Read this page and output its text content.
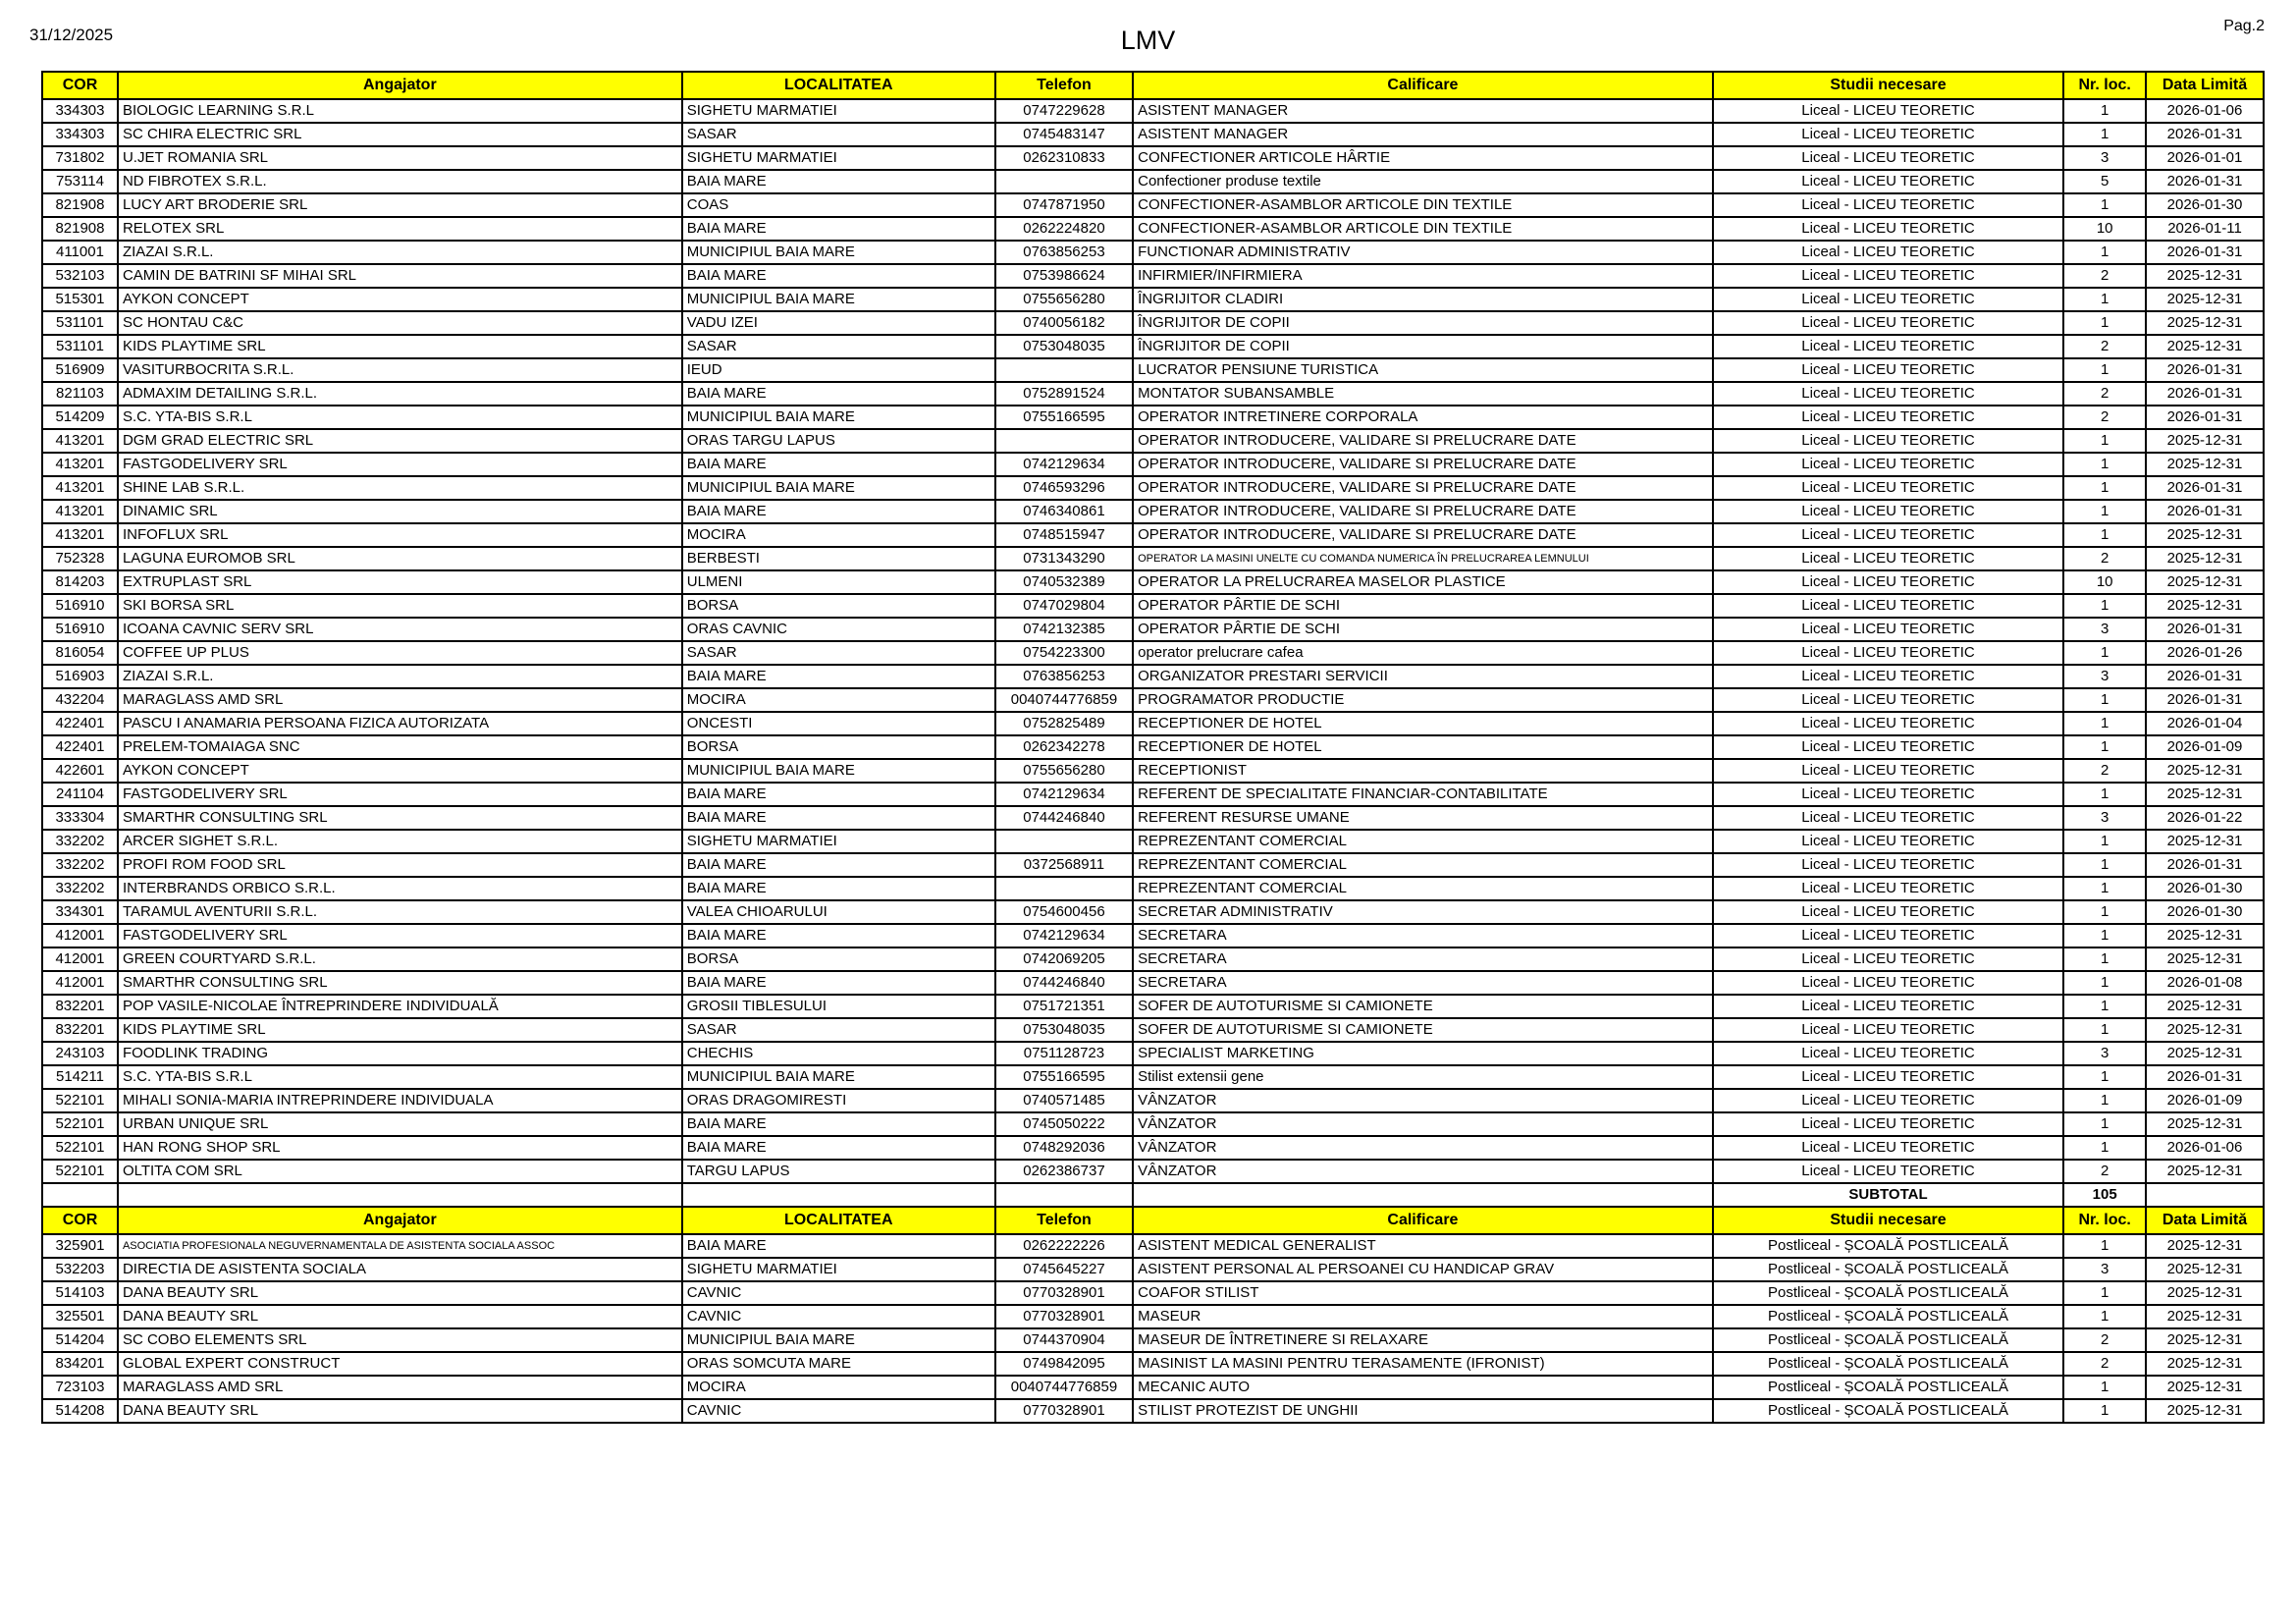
31/12/2025	LMV	Pag.2
COR	Angajator	LOCALITATEA	Telefon	Calificare	Studii necesare	Nr. loc.	Data Limită
334303	BIOLOGIC LEARNING S.R.L	SIGHETU MARMATIEI	0747229628	ASISTENT MANAGER	Liceal - LICEU TEORETIC	1	2026-01-06
334303	SC CHIRA ELECTRIC SRL	SASAR	0745483147	ASISTENT MANAGER	Liceal - LICEU TEORETIC	1	2026-01-31
731802	U.JET ROMANIA SRL	SIGHETU MARMATIEI	0262310833	CONFECTIONER ARTICOLE HÂRTIE	Liceal - LICEU TEORETIC	3	2026-01-01
753114	ND FIBROTEX S.R.L.	BAIA MARE		Confectioner produse textile	Liceal - LICEU TEORETIC	5	2026-01-31
821908	LUCY ART BRODERIE SRL	COAS	0747871950	CONFECTIONER-ASAMBLOR ARTICOLE DIN TEXTILE	Liceal - LICEU TEORETIC	1	2026-01-30
821908	RELOTEX SRL	BAIA MARE	0262224820	CONFECTIONER-ASAMBLOR ARTICOLE DIN TEXTILE	Liceal - LICEU TEORETIC	10	2026-01-11
411001	ZIAZAI S.R.L.	MUNICIPIUL BAIA MARE	0763856253	FUNCTIONAR ADMINISTRATIV	Liceal - LICEU TEORETIC	1	2026-01-31
532103	CAMIN DE BATRINI SF MIHAI SRL	BAIA MARE	0753986624	INFIRMIER/INFIRMIERA	Liceal - LICEU TEORETIC	2	2025-12-31
515301	AYKON CONCEPT	MUNICIPIUL BAIA MARE	0755656280	ÎNGRIJITOR CLADIRI	Liceal - LICEU TEORETIC	1	2025-12-31
531101	SC HONTAU C&C	VADU IZEI	0740056182	ÎNGRIJITOR DE COPII	Liceal - LICEU TEORETIC	1	2025-12-31
531101	KIDS PLAYTIME SRL	SASAR	0753048035	ÎNGRIJITOR DE COPII	Liceal - LICEU TEORETIC	2	2025-12-31
516909	VASITURBOCRITA S.R.L.	IEUD		LUCRATOR PENSIUNE TURISTICA	Liceal - LICEU TEORETIC	1	2026-01-31
821103	ADMAXIM DETAILING S.R.L.	BAIA MARE	0752891524	MONTATOR SUBANSAMBLE	Liceal - LICEU TEORETIC	2	2026-01-31
514209	S.C. YTA-BIS S.R.L	MUNICIPIUL BAIA MARE	0755166595	OPERATOR INTRETINERE CORPORALA	Liceal - LICEU TEORETIC	2	2026-01-31
413201	DGM GRAD ELECTRIC SRL	ORAS TARGU LAPUS		OPERATOR INTRODUCERE, VALIDARE SI PRELUCRARE DATE	Liceal - LICEU TEORETIC	1	2025-12-31
413201	FASTGODELIVERY SRL	BAIA MARE	0742129634	OPERATOR INTRODUCERE, VALIDARE SI PRELUCRARE DATE	Liceal - LICEU TEORETIC	1	2025-12-31
413201	SHINE LAB S.R.L.	MUNICIPIUL BAIA MARE	0746593296	OPERATOR INTRODUCERE, VALIDARE SI PRELUCRARE DATE	Liceal - LICEU TEORETIC	1	2026-01-31
413201	DINAMIC SRL	BAIA MARE	0746340861	OPERATOR INTRODUCERE, VALIDARE SI PRELUCRARE DATE	Liceal - LICEU TEORETIC	1	2026-01-31
413201	INFOFLUX SRL	MOCIRA	0748515947	OPERATOR INTRODUCERE, VALIDARE SI PRELUCRARE DATE	Liceal - LICEU TEORETIC	1	2025-12-31
752328	LAGUNA EUROMOB SRL	BERBESTI	0731343290	OPERATOR LA MASINI UNELTE CU COMANDA NUMERICA ÎN PRELUCRAREA LEMNULUI	Liceal - LICEU TEORETIC	2	2025-12-31
814203	EXTRUPLAST SRL	ULMENI	0740532389	OPERATOR LA PRELUCRAREA MASELOR PLASTICE	Liceal - LICEU TEORETIC	10	2025-12-31
516910	SKI BORSA SRL	BORSA	0747029804	OPERATOR PÂRTIE DE SCHI	Liceal - LICEU TEORETIC	1	2025-12-31
516910	ICOANA CAVNIC SERV SRL	ORAS CAVNIC	0742132385	OPERATOR PÂRTIE DE SCHI	Liceal - LICEU TEORETIC	3	2026-01-31
816054	COFFEE UP PLUS	SASAR	0754223300	operator prelucrare cafea	Liceal - LICEU TEORETIC	1	2026-01-26
516903	ZIAZAI S.R.L.	BAIA MARE	0763856253	ORGANIZATOR PRESTARI SERVICII	Liceal - LICEU TEORETIC	3	2026-01-31
432204	MARAGLASS AMD SRL	MOCIRA	0040744776859	PROGRAMATOR PRODUCTIE	Liceal - LICEU TEORETIC	1	2026-01-31
422401	PASCU I ANAMARIA PERSOANA FIZICA AUTORIZATA	ONCESTI	0752825489	RECEPTIONER DE HOTEL	Liceal - LICEU TEORETIC	1	2026-01-04
422401	PRELEM-TOMAIAGA SNC	BORSA	0262342278	RECEPTIONER DE HOTEL	Liceal - LICEU TEORETIC	1	2026-01-09
422601	AYKON CONCEPT	MUNICIPIUL BAIA MARE	0755656280	RECEPTIONIST	Liceal - LICEU TEORETIC	2	2025-12-31
241104	FASTGODELIVERY SRL	BAIA MARE	0742129634	REFERENT DE SPECIALITATE FINANCIAR-CONTABILITATE	Liceal - LICEU TEORETIC	1	2025-12-31
333304	SMARTHR CONSULTING SRL	BAIA MARE	0744246840	REFERENT RESURSE UMANE	Liceal - LICEU TEORETIC	3	2026-01-22
332202	ARCER SIGHET S.R.L.	SIGHETU MARMATIEI		REPREZENTANT COMERCIAL	Liceal - LICEU TEORETIC	1	2025-12-31
332202	PROFI ROM FOOD SRL	BAIA MARE	0372568911	REPREZENTANT COMERCIAL	Liceal - LICEU TEORETIC	1	2026-01-31
332202	INTERBRANDS ORBICO S.R.L.	BAIA MARE		REPREZENTANT COMERCIAL	Liceal - LICEU TEORETIC	1	2026-01-30
334301	TARAMUL AVENTURII S.R.L.	VALEA CHIOARULUI	0754600456	SECRETAR ADMINISTRATIV	Liceal - LICEU TEORETIC	1	2026-01-30
412001	FASTGODELIVERY SRL	BAIA MARE	0742129634	SECRETARA	Liceal - LICEU TEORETIC	1	2025-12-31
412001	GREEN COURTYARD S.R.L.	BORSA	0742069205	SECRETARA	Liceal - LICEU TEORETIC	1	2025-12-31
412001	SMARTHR CONSULTING SRL	BAIA MARE	0744246840	SECRETARA	Liceal - LICEU TEORETIC	1	2026-01-08
832201	POP VASILE-NICOLAE ÎNTREPRINDERE INDIVIDUALĂ	GROSII TIBLESULUI	0751721351	SOFER DE AUTOTURISME SI CAMIONETE	Liceal - LICEU TEORETIC	1	2025-12-31
832201	KIDS PLAYTIME SRL	SASAR	0753048035	SOFER DE AUTOTURISME SI CAMIONETE	Liceal - LICEU TEORETIC	1	2025-12-31
243103	FOODLINK TRADING	CHECHIS	0751128723	SPECIALIST MARKETING	Liceal - LICEU TEORETIC	3	2025-12-31
514211	S.C. YTA-BIS S.R.L	MUNICIPIUL BAIA MARE	0755166595	Stilist extensii gene	Liceal - LICEU TEORETIC	1	2026-01-31
522101	MIHALI SONIA-MARIA INTREPRINDERE INDIVIDUALA	ORAS DRAGOMIRESTI	0740571485	VÂNZATOR	Liceal - LICEU TEORETIC	1	2026-01-09
522101	URBAN UNIQUE SRL	BAIA MARE	0745050222	VÂNZATOR	Liceal - LICEU TEORETIC	1	2025-12-31
522101	HAN RONG SHOP SRL	BAIA MARE	0748292036	VÂNZATOR	Liceal - LICEU TEORETIC	1	2026-01-06
522101	OLTITA COM SRL	TARGU LAPUS	0262386737	VÂNZATOR	Liceal - LICEU TEORETIC	2	2025-12-31
					SUBTOTAL	105	
COR	Angajator	LOCALITATEA	Telefon	Calificare	Studii necesare	Nr. loc.	Data Limită
325901	ASOCIATIA PROFESIONALA NEGUVERNAMENTALA DE ASISTENTA SOCIALA ASSOC	BAIA MARE	0262222226	ASISTENT MEDICAL GENERALIST	Postliceal - ȘCOALĂ POSTLICEALĂ	1	2025-12-31
532203	DIRECTIA DE ASISTENTA SOCIALA	SIGHETU MARMATIEI	0745645227	ASISTENT PERSONAL AL PERSOANEI CU HANDICAP GRAV	Postliceal - ȘCOALĂ POSTLICEALĂ	3	2025-12-31
514103	DANA BEAUTY SRL	CAVNIC	0770328901	COAFOR STILIST	Postliceal - ȘCOALĂ POSTLICEALĂ	1	2025-12-31
325501	DANA BEAUTY SRL	CAVNIC	0770328901	MASEUR	Postliceal - ȘCOALĂ POSTLICEALĂ	1	2025-12-31
514204	SC COBO ELEMENTS SRL	MUNICIPIUL BAIA MARE	0744370904	MASEUR DE ÎNTRETINERE SI RELAXARE	Postliceal - ȘCOALĂ POSTLICEALĂ	2	2025-12-31
834201	GLOBAL EXPERT CONSTRUCT	ORAS SOMCUTA MARE	0749842095	MASINIST LA MASINI PENTRU TERASAMENTE (IFRONIST)	Postliceal - ȘCOALĂ POSTLICEALĂ	2	2025-12-31
723103	MARAGLASS AMD SRL	MOCIRA	0040744776859	MECANIC AUTO	Postliceal - ȘCOALĂ POSTLICEALĂ	1	2025-12-31
514208	DANA BEAUTY SRL	CAVNIC	0770328901	STILIST PROTEZIST DE UNGHII	Postliceal - ȘCOALĂ POSTLICEALĂ	1	2025-12-31
